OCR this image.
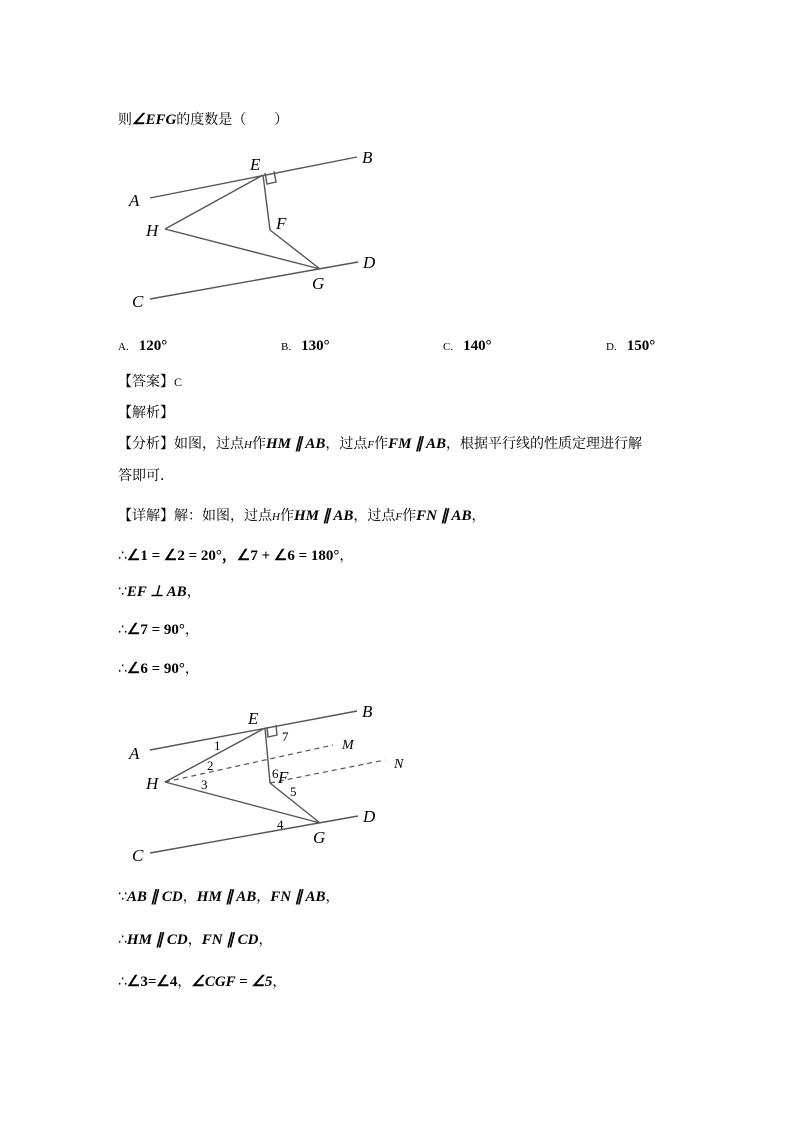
则∠EFG的度数是（　　）
A
B
C
D
E
F
G
H
A. 120°	B. 130°	C. 140°	D. 150°
【答案】C
【解析】
【分析】如图，过点H作HM ∥ AB，过点F作FM ∥ AB，根据平行线的性质定理进行解
答即可．
【详解】解：如图，过点H作HM ∥ AB，过点F作FN ∥ AB，
∴∠1 = ∠2 = 20°，∠7 + ∠6 = 180°，
∵EF ⊥ AB，
∴∠7 = 90°，
∴∠6 = 90°，
A
B
C
D
E
F
G
H
M
N
1
2
3
4
5
6
7
∵AB ∥ CD，HM ∥ AB，FN ∥ AB，
∴HM ∥ CD，FN ∥ CD，
∴∠3=∠4，∠CGF = ∠5，
